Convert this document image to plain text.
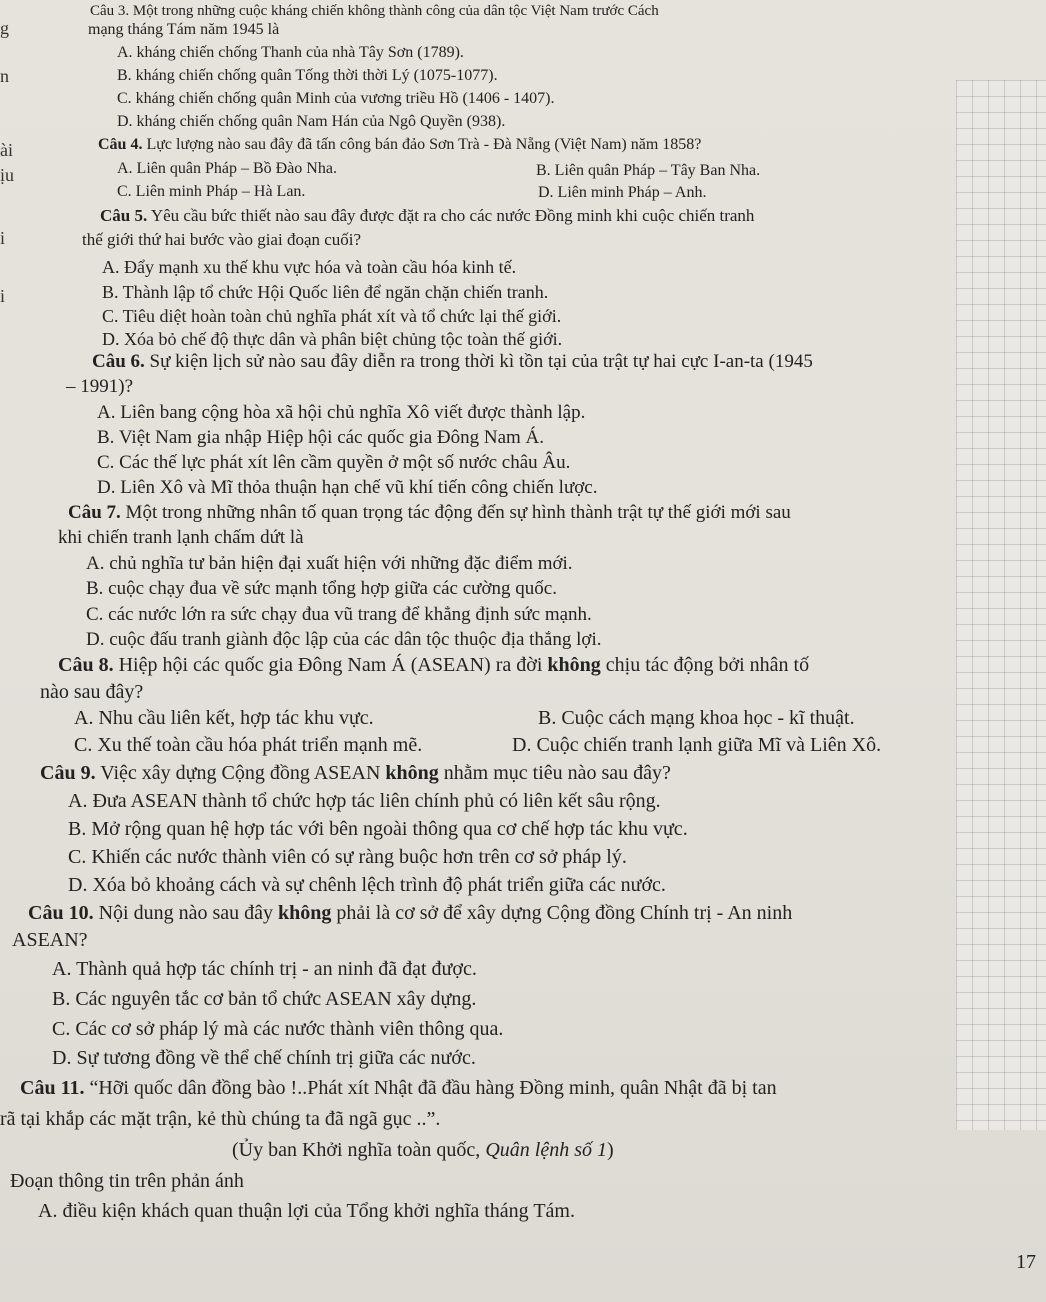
g
n
ài
ịu
i
i
Câu 3. Một trong những cuộc kháng chiến không thành công của dân tộc Việt Nam trước Cách
mạng tháng Tám năm 1945 là
A. kháng chiến chống Thanh của nhà Tây Sơn (1789).
B. kháng chiến chống quân Tống thời thời Lý (1075-1077).
C. kháng chiến chống quân Minh của vương triều Hồ (1406 - 1407).
D. kháng chiến chống quân Nam Hán của Ngô Quyền (938).
Câu 4. Lực lượng nào sau đây đã tấn công bán đảo Sơn Trà - Đà Nẵng (Việt Nam) năm 1858?
A. Liên quân Pháp – Bồ Đào Nha.	B. Liên quân Pháp – Tây Ban Nha.
C. Liên minh Pháp – Hà Lan.	D. Liên minh Pháp – Anh.
Câu 5. Yêu cầu bức thiết nào sau đây được đặt ra cho các nước Đồng minh khi cuộc chiến tranh
thế giới thứ hai bước vào giai đoạn cuối?
A. Đẩy mạnh xu thế khu vực hóa và toàn cầu hóa kinh tế.
B. Thành lập tổ chức Hội Quốc liên để ngăn chặn chiến tranh.
C. Tiêu diệt hoàn toàn chủ nghĩa phát xít và tổ chức lại thế giới.
D. Xóa bỏ chế độ thực dân và phân biệt chủng tộc toàn thế giới.
Câu 6. Sự kiện lịch sử nào sau đây diễn ra trong thời kì tồn tại của trật tự hai cực I-an-ta (1945
– 1991)?
A. Liên bang cộng hòa xã hội chủ nghĩa Xô viết được thành lập.
B. Việt Nam gia nhập Hiệp hội các quốc gia Đông Nam Á.
C. Các thế lực phát xít lên cầm quyền ở một số nước châu Âu.
D. Liên Xô và Mĩ thỏa thuận hạn chế vũ khí tiến công chiến lược.
Câu 7. Một trong những nhân tố quan trọng tác động đến sự hình thành trật tự thế giới mới sau
khi chiến tranh lạnh chấm dứt là
A. chủ nghĩa tư bản hiện đại xuất hiện với những đặc điểm mới.
B. cuộc chạy đua về sức mạnh tổng hợp giữa các cường quốc.
C. các nước lớn ra sức chạy đua vũ trang để khẳng định sức mạnh.
D. cuộc đấu tranh giành độc lập của các dân tộc thuộc địa thắng lợi.
Câu 8. Hiệp hội các quốc gia Đông Nam Á (ASEAN) ra đời không chịu tác động bởi nhân tố
nào sau đây?
A. Nhu cầu liên kết, hợp tác khu vực.	B. Cuộc cách mạng khoa học - kĩ thuật.
C. Xu thế toàn cầu hóa phát triển mạnh mẽ.	D. Cuộc chiến tranh lạnh giữa Mĩ và Liên Xô.
Câu 9. Việc xây dựng Cộng đồng ASEAN không nhằm mục tiêu nào sau đây?
A. Đưa ASEAN thành tổ chức hợp tác liên chính phủ có liên kết sâu rộng.
B. Mở rộng quan hệ hợp tác với bên ngoài thông qua cơ chế hợp tác khu vực.
C. Khiến các nước thành viên có sự ràng buộc hơn trên cơ sở pháp lý.
D. Xóa bỏ khoảng cách và sự chênh lệch trình độ phát triển giữa các nước.
Câu 10. Nội dung nào sau đây không phải là cơ sở để xây dựng Cộng đồng Chính trị - An ninh
ASEAN?
A. Thành quả hợp tác chính trị - an ninh đã đạt được.
B. Các nguyên tắc cơ bản tổ chức ASEAN xây dựng.
C. Các cơ sở pháp lý mà các nước thành viên thông qua.
D. Sự tương đồng về thể chế chính trị giữa các nước.
Câu 11. “Hỡi quốc dân đồng bào !..Phát xít Nhật đã đầu hàng Đồng minh, quân Nhật đã bị tan
rã tại khắp các mặt trận, kẻ thù chúng ta đã ngã gục ..”.
(Ủy ban Khởi nghĩa toàn quốc, Quân lệnh số 1)
Đoạn thông tin trên phản ánh
A. điều kiện khách quan thuận lợi của Tổng khởi nghĩa tháng Tám.
17
